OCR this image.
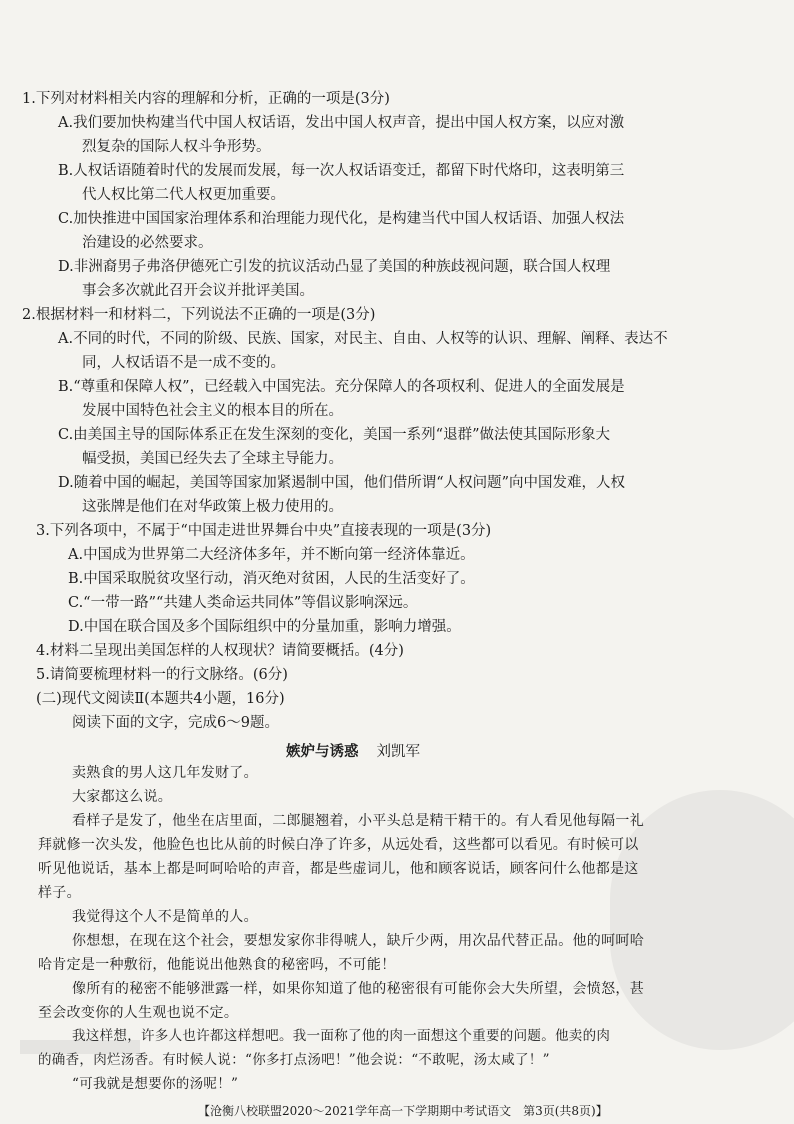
1.下列对材料相关内容的理解和分析，正确的一项是(3分)
A.我们要加快构建当代中国人权话语，发出中国人权声音，提出中国人权方案，以应对激
烈复杂的国际人权斗争形势。
B.人权话语随着时代的发展而发展，每一次人权话语变迁，都留下时代烙印，这表明第三
代人权比第二代人权更加重要。
C.加快推进中国国家治理体系和治理能力现代化，是构建当代中国人权话语、加强人权法
治建设的必然要求。
D.非洲裔男子弗洛伊德死亡引发的抗议活动凸显了美国的种族歧视问题，联合国人权理
事会多次就此召开会议并批评美国。
2.根据材料一和材料二，下列说法不正确的一项是(3分)
A.不同的时代，不同的阶级、民族、国家，对民主、自由、人权等的认识、理解、阐释、表达不
同，人权话语不是一成不变的。
B.“尊重和保障人权”，已经载入中国宪法。充分保障人的各项权利、促进人的全面发展是
发展中国特色社会主义的根本目的所在。
C.由美国主导的国际体系正在发生深刻的变化，美国一系列“退群”做法使其国际形象大
幅受损，美国已经失去了全球主导能力。
D.随着中国的崛起，美国等国家加紧遏制中国，他们借所谓“人权问题”向中国发难，人权
这张牌是他们在对华政策上极力使用的。
3.下列各项中，不属于“中国走进世界舞台中央”直接表现的一项是(3分)
A.中国成为世界第二大经济体多年，并不断向第一经济体靠近。
B.中国采取脱贫攻坚行动，消灭绝对贫困，人民的生活变好了。
C.“一带一路”“共建人类命运共同体”等倡议影响深远。
D.中国在联合国及多个国际组织中的分量加重，影响力增强。
4.材料二呈现出美国怎样的人权现状？请简要概括。(4分)
5.请简要梳理材料一的行文脉络。(6分)
(二)现代文阅读Ⅱ(本题共4小题，16分)
阅读下面的文字，完成6～9题。
嫉妒与诱惑 刘凯军
卖熟食的男人这几年发财了。
大家都这么说。
看样子是发了，他坐在店里面，二郎腿翘着，小平头总是精干精干的。有人看见他每隔一礼
拜就修一次头发，他脸色也比从前的时候白净了许多，从远处看，这些都可以看见。有时候可以
听见他说话，基本上都是呵呵哈哈的声音，都是些虚词儿，他和顾客说话，顾客问什么他都是这
样子。
我觉得这个人不是简单的人。
你想想，在现在这个社会，要想发家你非得唬人，缺斤少两，用次品代替正品。他的呵呵哈
哈肯定是一种敷衍，他能说出他熟食的秘密吗，不可能！
像所有的秘密不能够泄露一样，如果你知道了他的秘密很有可能你会大失所望，会愤怒，甚
至会改变你的人生观也说不定。
我这样想，许多人也许都这样想吧。我一面称了他的肉一面想这个重要的问题。他卖的肉
的确香，肉烂汤香。有时候人说：“你多打点汤吧！”他会说：“不敢呢，汤太咸了！”
“可我就是想要你的汤呢！”
【沧衡八校联盟2020～2021学年高一下学期期中考试语文　第3页(共8页)】
